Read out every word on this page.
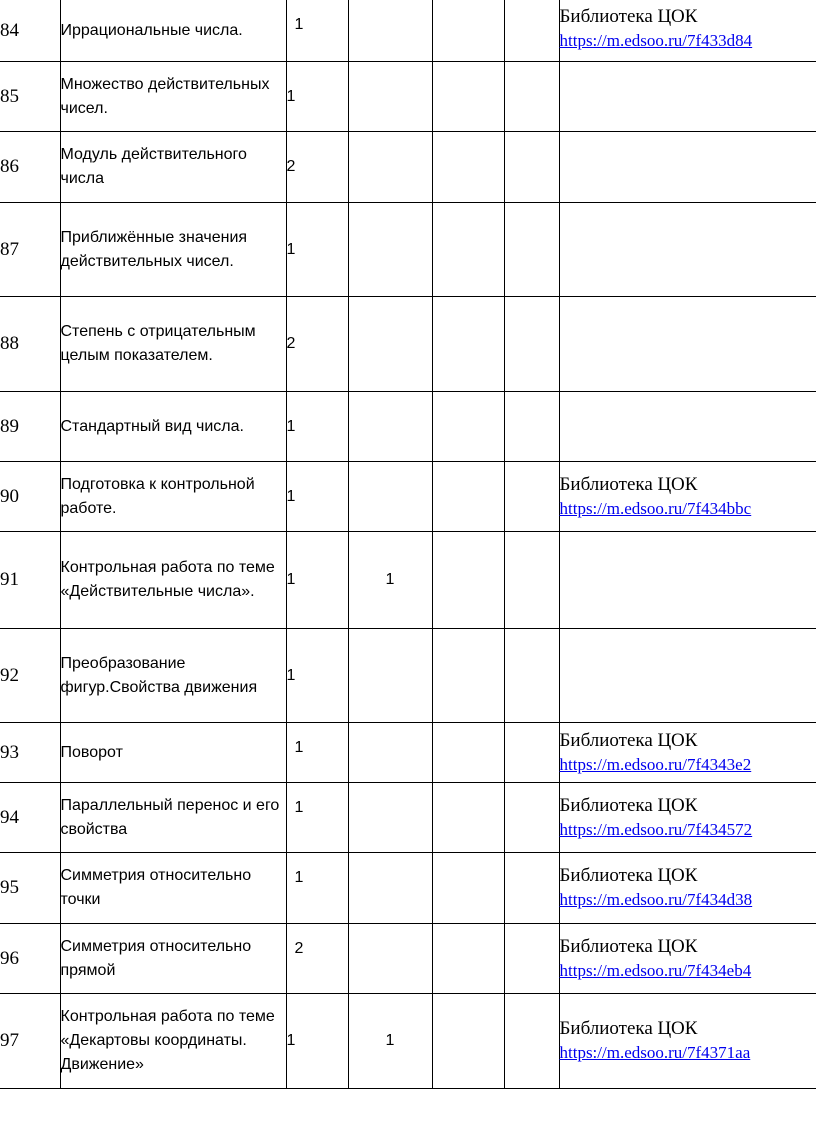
84	Иррациональные числа.	1				Библиотека ЦОК
https://m.edsoo.ru/7f433d84
85	Множество действительных чисел.	1				
86	Модуль действительного числа	2				
87	Приближённые значения действительных чисел.	1				
88	Степень с отрицательным целым показателем.	2				
89	Стандартный вид числа.	1				
90	Подготовка к контрольной работе.	1				Библиотека ЦОК
https://m.edsoo.ru/7f434bbc
91	Контрольная работа по теме «Действительные числа».	1	1			
92	Преобразование фигур.Свойства движения	1				
93	Поворот	1				Библиотека ЦОК
https://m.edsoo.ru/7f4343e2
94	Параллельный перенос и его свойства	1				Библиотека ЦОК
https://m.edsoo.ru/7f434572
95	Симметрия относительно точки	1				Библиотека ЦОК
https://m.edsoo.ru/7f434d38
96	Симметрия относительно прямой	2				Библиотека ЦОК
https://m.edsoo.ru/7f434eb4
97	Контрольная работа по теме «Декартовы координаты. Движение»	1	1			Библиотека ЦОК
https://m.edsoo.ru/7f4371aa
